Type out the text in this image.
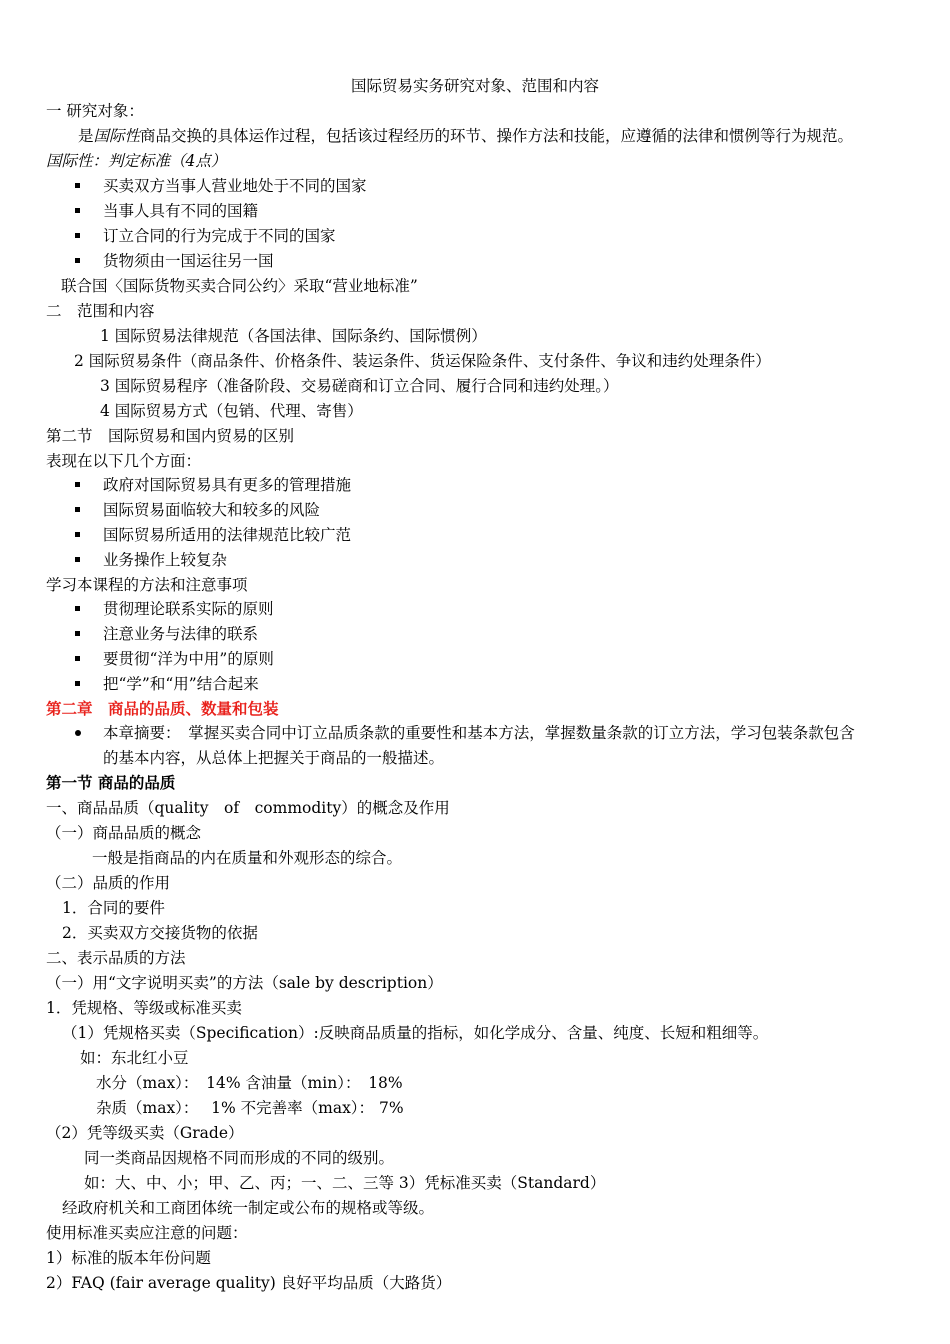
国际贸易实务研究对象、范围和内容
一 研究对象：
是国际性商品交换的具体运作过程，包括该过程经历的环节、操作方法和技能，应遵循的法律和惯例等行为规范。
国际性：判定标准（4点）
买卖双方当事人营业地处于不同的国家
当事人具有不同的国籍
订立合同的行为完成于不同的国家
货物须由一国运往另一国
联合国〈国际货物买卖合同公约〉采取“营业地标准”
二　范围和内容
1 国际贸易法律规范（各国法律、国际条约、国际惯例）
2 国际贸易条件（商品条件、价格条件、装运条件、货运保险条件、支付条件、争议和违约处理条件）
3 国际贸易程序（准备阶段、交易磋商和订立合同、履行合同和违约处理。）
4 国际贸易方式（包销、代理、寄售）
第二节　国际贸易和国内贸易的区别
表现在以下几个方面：
政府对国际贸易具有更多的管理措施
国际贸易面临较大和较多的风险
国际贸易所适用的法律规范比较广范
业务操作上较复杂
学习本课程的方法和注意事项
贯彻理论联系实际的原则
注意业务与法律的联系
要贯彻“洋为中用”的原则
把“学”和“用”结合起来
第二章　商品的品质、数量和包装
本章摘要：　掌握买卖合同中订立品质条款的重要性和基本方法，掌握数量条款的订立方法，学习包装条款包含
的基本内容，从总体上把握关于商品的一般描述。
第一节 商品的品质
一、商品品质（quality　of　commodity）的概念及作用
（一）商品品质的概念
一般是指商品的内在质量和外观形态的综合。
（二）品质的作用
1．合同的要件
2．买卖双方交接货物的依据
二、表示品质的方法
（一）用“文字说明买卖”的方法（sale by description）
1．凭规格、等级或标准买卖
（1）凭规格买卖（Specification）:反映商品质量的指标，如化学成分、含量、纯度、长短和粗细等。
如：东北红小豆
水分（max）：　14% 含油量（min）：　18%
杂质（max）：　 1% 不完善率（max）： 7%
（2）凭等级买卖（Grade）
同一类商品因规格不同而形成的不同的级别。
如：大、中、小；甲、乙、丙；一、二、三等 3）凭标准买卖（Standard）
经政府机关和工商团体统一制定或公布的规格或等级。
使用标准买卖应注意的问题：
1）标准的版本年份问题
2）FAQ (fair average quality) 良好平均品质（大路货）
